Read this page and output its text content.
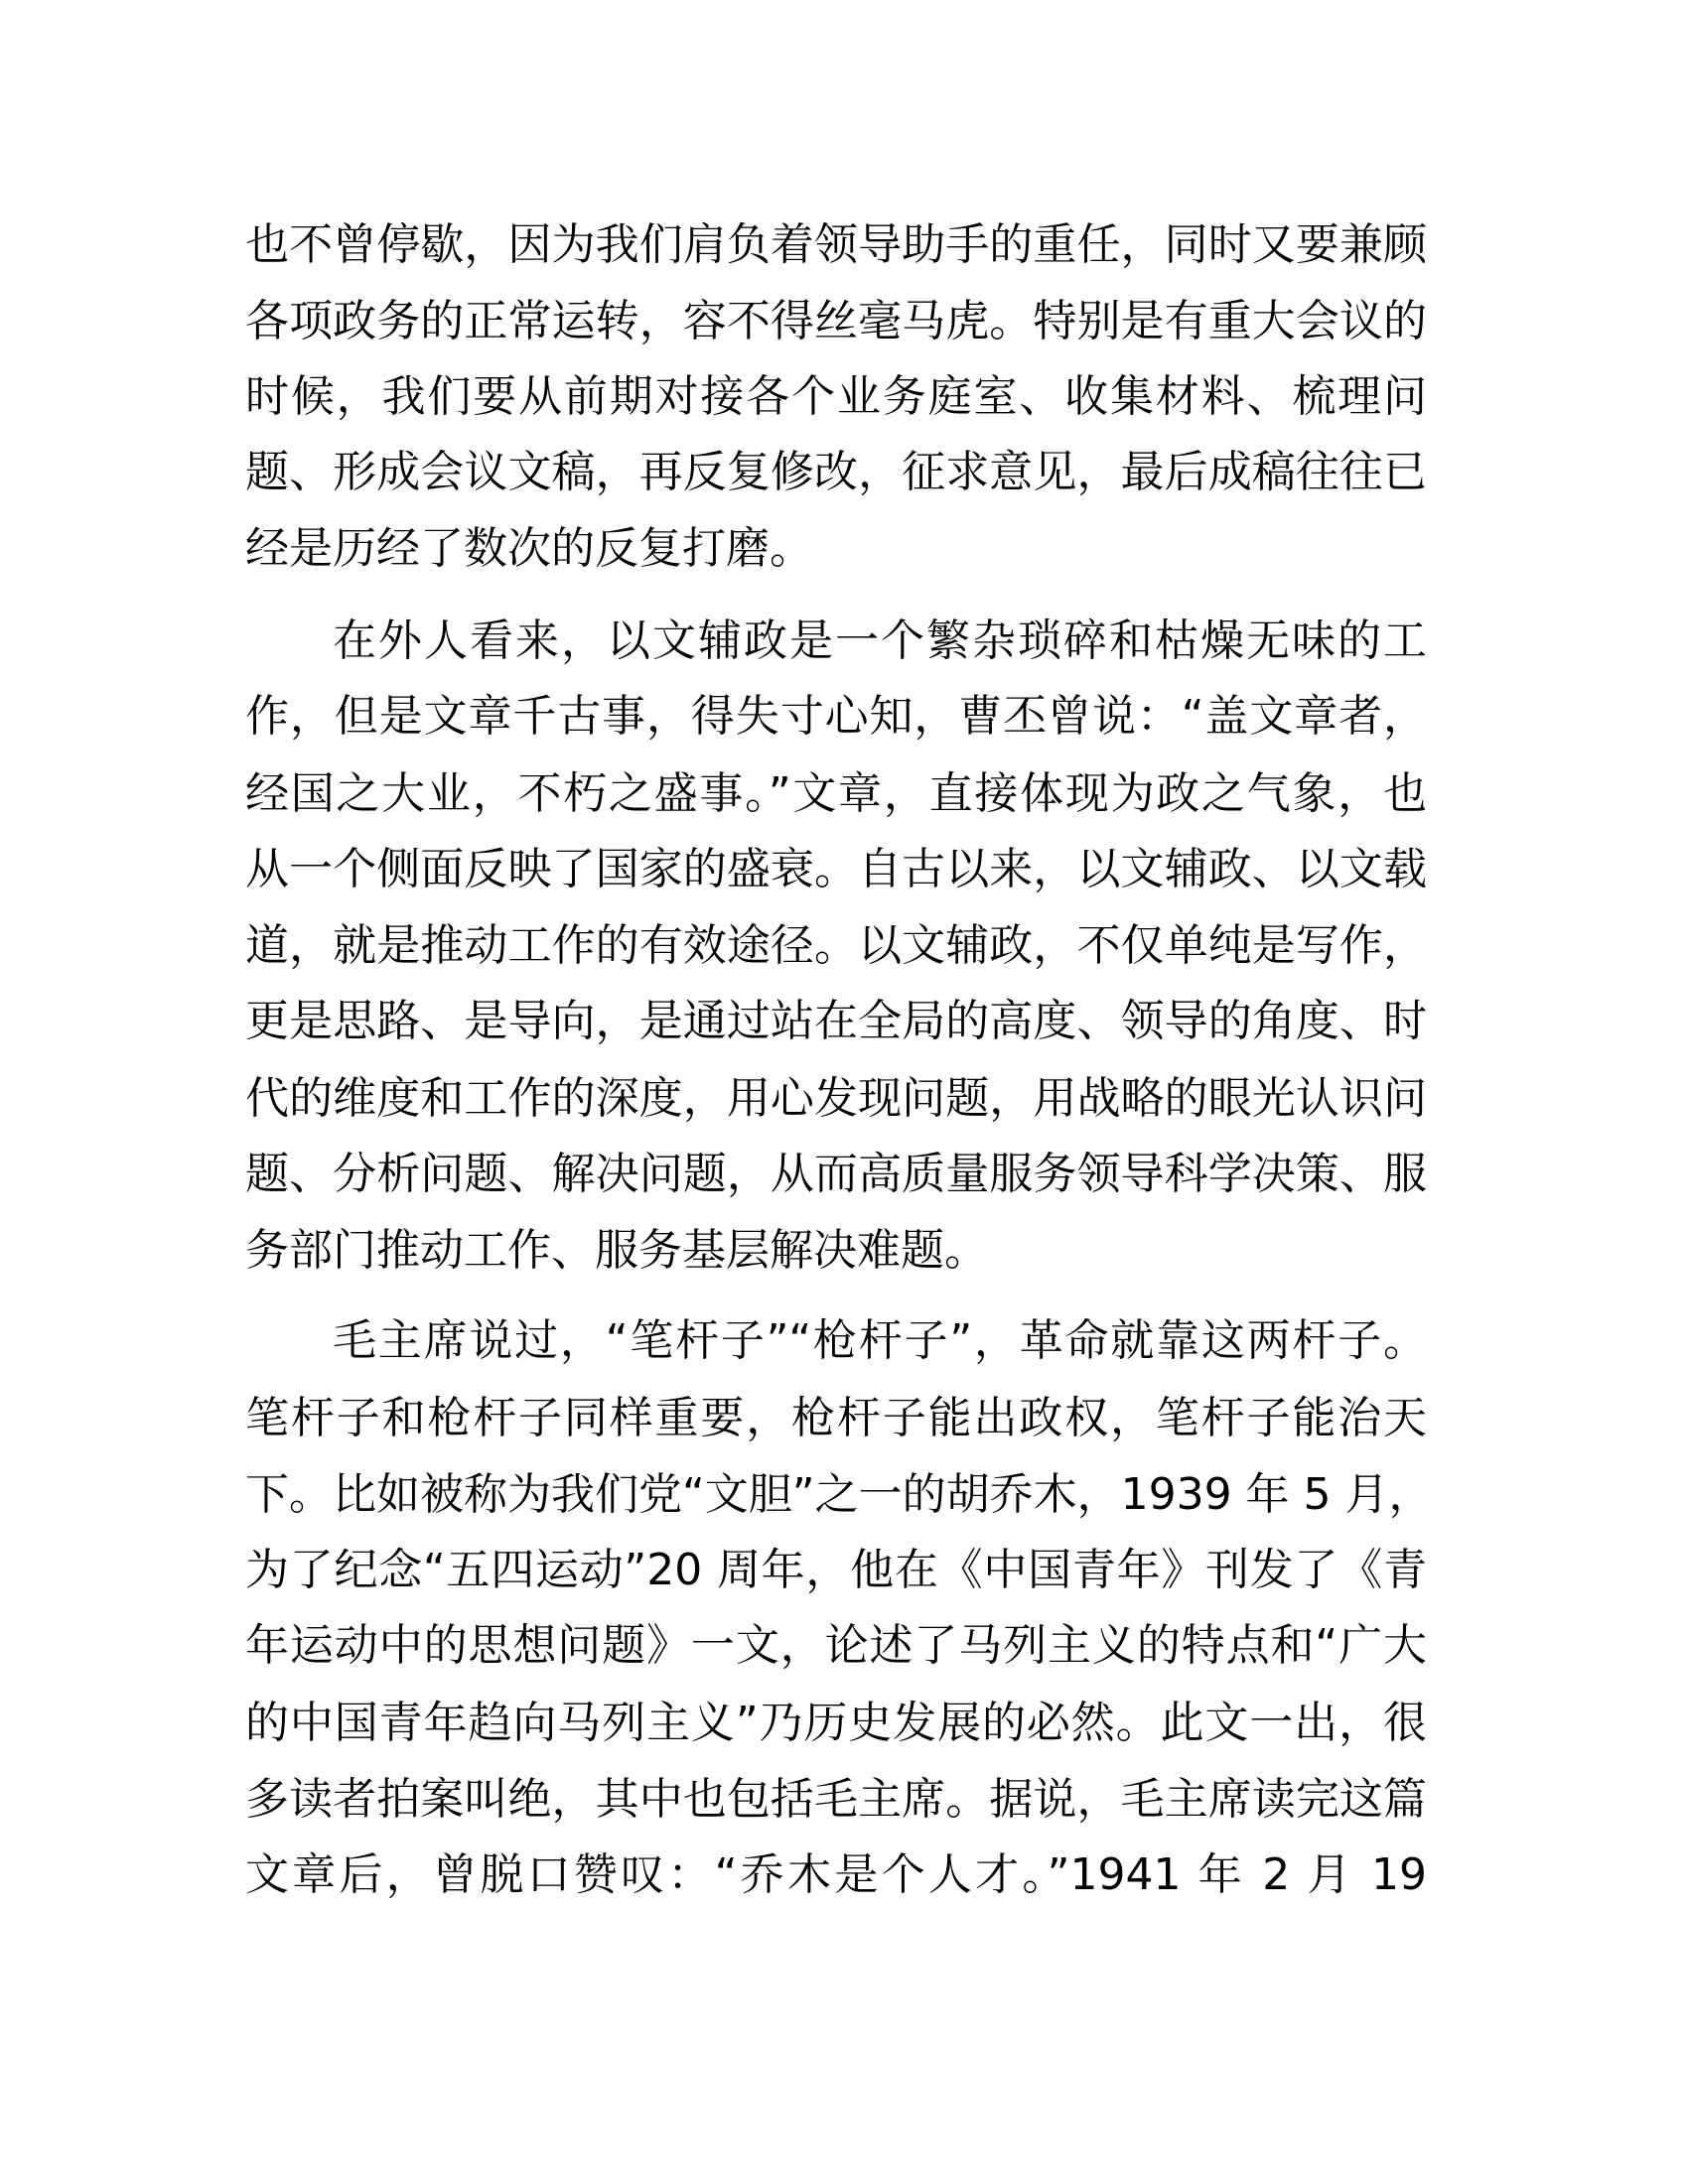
也不曾停歇，因为我们肩负着领导助手的重任，同时又要兼顾
各项政务的正常运转，容不得丝毫马虎。特别是有重大会议的
时候，我们要从前期对接各个业务庭室、收集材料、梳理问
题、形成会议文稿，再反复修改，征求意见，最后成稿往往已
经是历经了数次的反复打磨。
在外人看来，以文辅政是一个繁杂琐碎和枯燥无味的工
作，但是文章千古事，得失寸心知，曹丕曾说：“盖文章者，
经国之大业，不朽之盛事。”文章，直接体现为政之气象，也
从一个侧面反映了国家的盛衰。自古以来，以文辅政、以文载
道，就是推动工作的有效途径。以文辅政，不仅单纯是写作，
更是思路、是导向，是通过站在全局的高度、领导的角度、时
代的维度和工作的深度，用心发现问题，用战略的眼光认识问
题、分析问题、解决问题，从而高质量服务领导科学决策、服
务部门推动工作、服务基层解决难题。
毛主席说过，“笔杆子”“枪杆子”，革命就靠这两杆子。
笔杆子和枪杆子同样重要，枪杆子能出政权，笔杆子能治天
下。比如被称为我们党“文胆”之一的胡乔木，1939 年 5 月，
为了纪念“五四运动”20 周年，他在《中国青年》刊发了《青
年运动中的思想问题》一文，论述了马列主义的特点和“广大
的中国青年趋向马列主义”乃历史发展的必然。此文一出，很
多读者拍案叫绝，其中也包括毛主席。据说，毛主席读完这篇
文章后，曾脱口赞叹：“乔木是个人才。”1941 年 2 月 19
